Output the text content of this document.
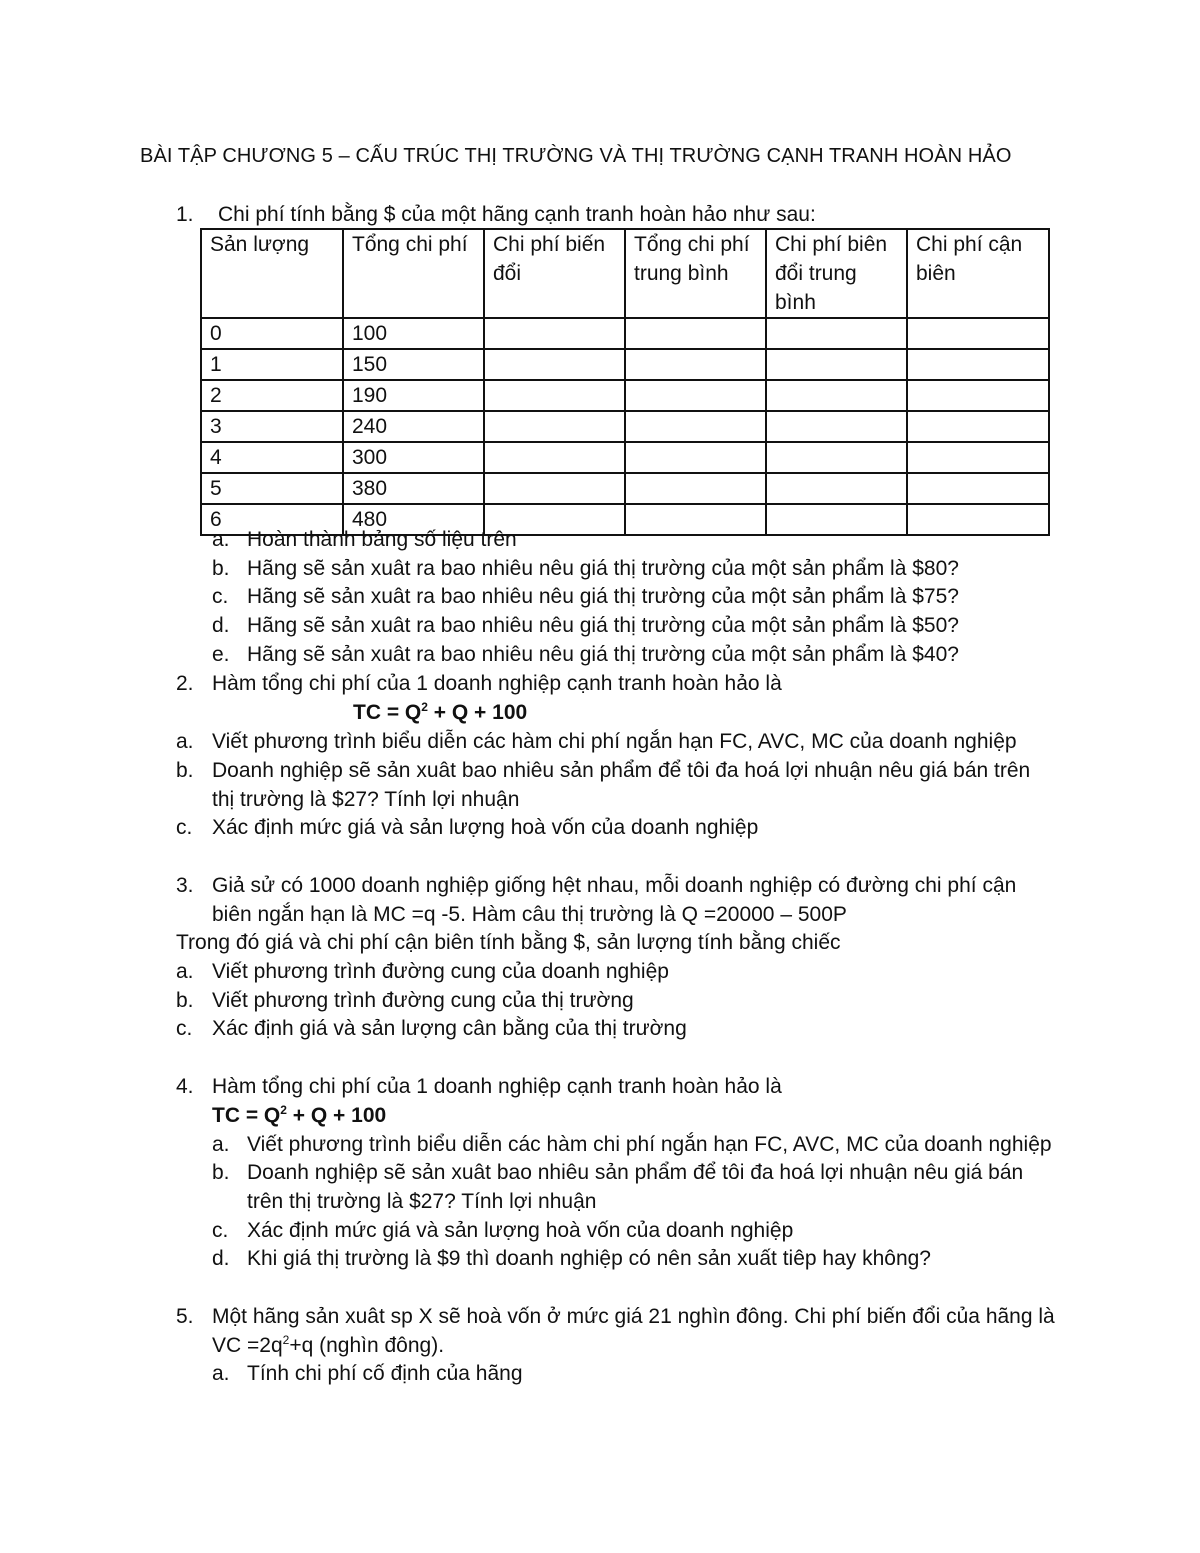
BÀI TẬP CHƯƠNG 5 – CẤU TRÚC THỊ TRƯỜNG VÀ THỊ TRƯỜNG CẠNH TRANH HOÀN HẢO
1. Chi phí tính bằng $ của một hãng cạnh tranh hoàn hảo như sau:
Sản lượng	Tổng chi phí	Chi phí biến đổi	Tổng chi phí trung bình	Chi phí biên đổi trung bình	Chi phí cận biên
0	100				
1	150				
2	190				
3	240				
4	300				
5	380				
6	480				
a. Hoàn thành bảng số liệu trên
b. Hãng sẽ sản xuât ra bao nhiêu nêu giá thị trường của một sản phẩm là $80?
c. Hãng sẽ sản xuât ra bao nhiêu nêu giá thị trường của một sản phẩm là $75?
d. Hãng sẽ sản xuât ra bao nhiêu nêu giá thị trường của một sản phẩm là $50?
e. Hãng sẽ sản xuât ra bao nhiêu nêu giá thị trường của một sản phẩm là $40?
2. Hàm tổng chi phí của 1 doanh nghiệp cạnh tranh hoàn hảo là
TC = $Q^2 + Q + 100$
a. Viết phương trình biểu diễn các hàm chi phí ngắn hạn FC, AVC, MC của doanh nghiệp
b. Doanh nghiệp sẽ sản xuât bao nhiêu sản phẩm để tôi đa hoá lợi nhuận nêu giá bán trên
thị trường là $27? Tính lợi nhuận
c. Xác định mức giá và sản lượng hoà vốn của doanh nghiệp
3. Giả sử có 1000 doanh nghiệp giống hệt nhau, mỗi doanh nghiệp có đường chi phí cận
biên ngắn hạn là MC =q -5. Hàm câu thị trường là Q =20000 – 500P
Trong đó giá và chi phí cận biên tính bằng $, sản lượng tính bằng chiếc
a. Viết phương trình đường cung của doanh nghiệp
b. Viết phương trình đường cung của thị trường
c. Xác định giá và sản lượng cân bằng của thị trường
4. Hàm tổng chi phí của 1 doanh nghiệp cạnh tranh hoàn hảo là
TC = $Q^2 + Q + 100$
a. Viết phương trình biểu diễn các hàm chi phí ngắn hạn FC, AVC, MC của doanh nghiệp
b. Doanh nghiệp sẽ sản xuât bao nhiêu sản phẩm để tôi đa hoá lợi nhuận nêu giá bán
trên thị trường là $27? Tính lợi nhuận
c. Xác định mức giá và sản lượng hoà vốn của doanh nghiệp
d. Khi giá thị trường là $9 thì doanh nghiệp có nên sản xuất tiêp hay không?
5. Một hãng sản xuât sp X sẽ hoà vốn ở mức giá 21 nghìn đông. Chi phí biến đổi của hãng là
VC $=2q^2+q$ (nghìn đông).
a. Tính chi phí cố định của hãng
